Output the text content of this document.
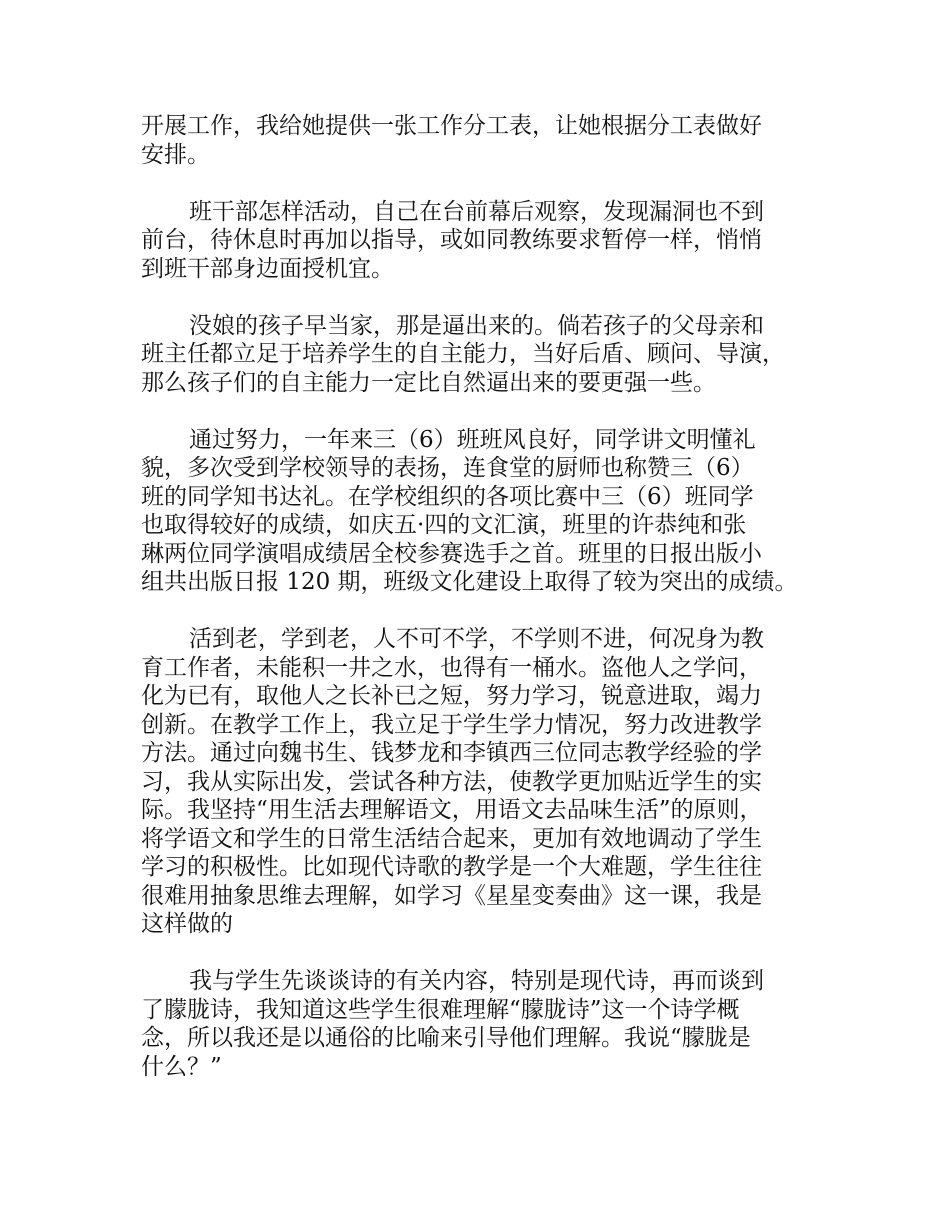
开展工作，我给她提供一张工作分工表，让她根据分工表做好
安排。
班干部怎样活动，自己在台前幕后观察，发现漏洞也不到
前台，待休息时再加以指导，或如同教练要求暂停一样，悄悄
到班干部身边面授机宜。
没娘的孩子早当家，那是逼出来的。倘若孩子的父母亲和
班主任都立足于培养学生的自主能力，当好后盾、顾问、导演，
那么孩子们的自主能力一定比自然逼出来的要更强一些。
通过努力，一年来三（6）班班风良好，同学讲文明懂礼
貌，多次受到学校领导的表扬，连食堂的厨师也称赞三（6）
班的同学知书达礼。在学校组织的各项比赛中三（6）班同学
也取得较好的成绩，如庆五·四的文汇演，班里的许恭纯和张
琳两位同学演唱成绩居全校参赛选手之首。班里的日报出版小
组共出版日报 120 期，班级文化建设上取得了较为突出的成绩。
活到老，学到老，人不可不学，不学则不进，何况身为教
育工作者，未能积一井之水，也得有一桶水。盗他人之学问，
化为已有，取他人之长补已之短，努力学习，锐意进取，竭力
创新。在教学工作上，我立足于学生学力情况，努力改进教学
方法。通过向魏书生、钱梦龙和李镇西三位同志教学经验的学
习，我从实际出发，尝试各种方法，使教学更加贴近学生的实
际。我坚持“用生活去理解语文，用语文去品味生活”的原则，
将学语文和学生的日常生活结合起来，更加有效地调动了学生
学习的积极性。比如现代诗歌的教学是一个大难题，学生往往
很难用抽象思维去理解，如学习《星星变奏曲》这一课，我是
这样做的
我与学生先谈谈诗的有关内容，特别是现代诗，再而谈到
了朦胧诗，我知道这些学生很难理解“朦胧诗”这一个诗学概
念，所以我还是以通俗的比喻来引导他们理解。我说“朦胧是
什么？”
